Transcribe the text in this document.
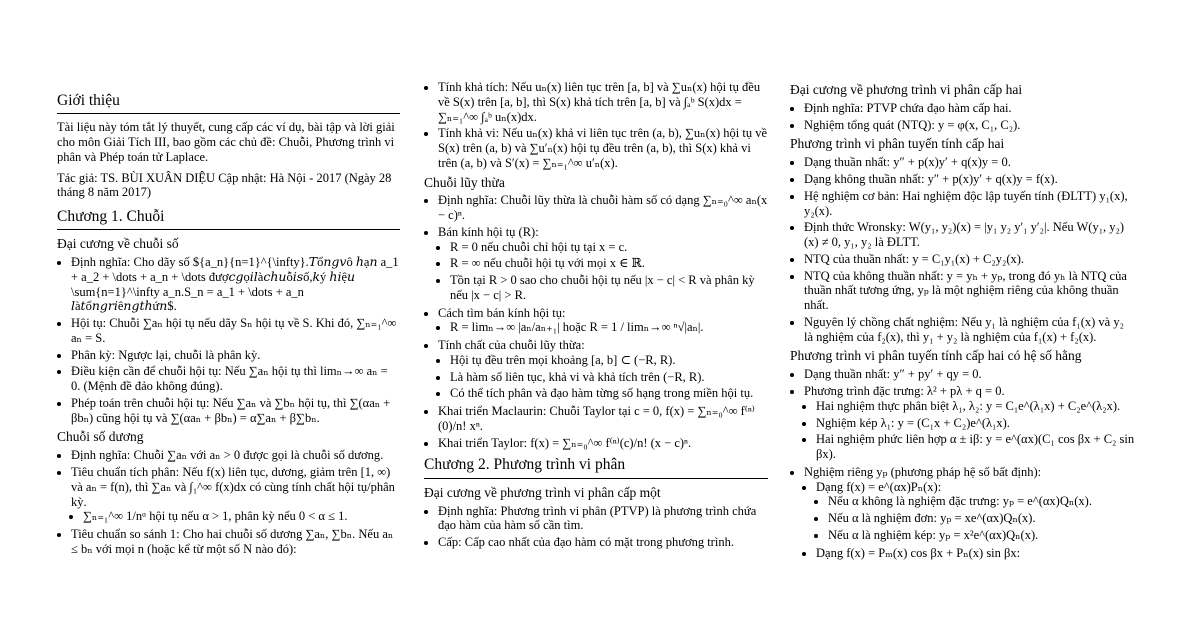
Giới thiệu

Tài liệu này tóm tắt lý thuyết, cung cấp các ví dụ, bài tập và lời giải cho môn Giải Tích III, bao gồm các chủ đề: Chuỗi, Phương trình vi phân và Phép toán tử Laplace.

Tác giả: TS. BÙI XUÂN DIỆU Cập nhật: Hà Nội - 2017 (Ngày 28 tháng 8 năm 2017)

Chương 1. Chuỗi
Đại cương về chuỗi số
• Định nghĩa: Cho dãy số ${a_n}{n=1}^{\infty}.𝑇ổ𝑛𝑔𝑣ô ℎạ𝑛 a_1 + a_2 + \dots + a_n + \dots đượ𝑐𝑔ọ𝑖𝑙à𝑐ℎ𝑢ỗ𝑖𝑠ố,𝑘ý ℎ𝑖ệ𝑢 \sum{n=1}^\infty a_n.S_n = a_1 + \dots + a_n 𝑙à𝑡ổ𝑛𝑔𝑟𝑖ê𝑛𝑔𝑡ℎứ𝑛$.
• Hội tụ: Chuỗi ∑aₙ hội tụ nếu dãy Sₙ hội tụ về S. Khi đó, ∑ₙ₌₁^∞ aₙ = S.
• Phân kỳ: Ngược lại, chuỗi là phân kỳ.
• Điều kiện cần để chuỗi hội tụ: Nếu ∑aₙ hội tụ thì limₙ→∞ aₙ = 0. (Mệnh đề đảo không đúng).
• Phép toán trên chuỗi hội tụ: Nếu ∑aₙ và ∑bₙ hội tụ, thì ∑(αaₙ + βbₙ) cũng hội tụ và ∑(αaₙ + βbₙ) = α∑aₙ + β∑bₙ.
Chuỗi số dương
• Định nghĩa: Chuỗi ∑aₙ với aₙ > 0 được gọi là chuỗi số dương.
• Tiêu chuẩn tích phân: Nếu f(x) liên tục, dương, giảm trên [1, ∞) và aₙ = f(n), thì ∑aₙ và ∫₁^∞ f(x)dx có cùng tính chất hội tụ/phân kỳ.
• ∑ₙ₌₁^∞ 1/nᵅ hội tụ nếu α > 1, phân kỳ nếu 0 < α ≤ 1.
• Tiêu chuẩn so sánh 1: Cho hai chuỗi số dương ∑aₙ, ∑bₙ. Nếu aₙ ≤ bₙ với mọi n (hoặc kể từ một số N nào đó):
• Tính khả tích: Nếu uₙ(x) liên tục trên [a, b] và ∑uₙ(x) hội tụ đều về S(x) trên [a, b], thì S(x) khả tích trên [a, b] và ∫ₐᵇ S(x)dx = ∑ₙ₌₁^∞ ∫ₐᵇ uₙ(x)dx.
• Tính khả vi: Nếu uₙ(x) khả vi liên tục trên (a, b), ∑uₙ(x) hội tụ về S(x) trên (a, b) và ∑u′ₙ(x) hội tụ đều trên (a, b), thì S(x) khả vi trên (a, b) và S′(x) = ∑ₙ₌₁^∞ u′ₙ(x).
Chuỗi lũy thừa
• Định nghĩa: Chuỗi lũy thừa là chuỗi hàm số có dạng ∑ₙ₌₀^∞ aₙ(x − c)ⁿ.
• Bán kính hội tụ (R):
• R = 0 nếu chuỗi chỉ hội tụ tại x = c.
• R = ∞ nếu chuỗi hội tụ với mọi x ∈ ℝ.
• Tồn tại R > 0 sao cho chuỗi hội tụ nếu |x − c| < R và phân kỳ nếu |x − c| > R.
• Cách tìm bán kính hội tụ:
• R = limₙ→∞ |aₙ/aₙ₊₁| hoặc R = 1 / limₙ→∞ ⁿ√|aₙ|.
• Tính chất của chuỗi lũy thừa:
• Hội tụ đều trên mọi khoảng [a, b] ⊂ (−R, R).
• Là hàm số liên tục, khả vi và khả tích trên (−R, R).
• Có thể tích phân và đạo hàm từng số hạng trong miền hội tụ.
• Khai triển Maclaurin: Chuỗi Taylor tại c = 0, f(x) = ∑ₙ₌₀^∞ f⁽ⁿ⁾(0)/n! xⁿ.
• Khai triển Taylor: f(x) = ∑ₙ₌₀^∞ f⁽ⁿ⁾(c)/n! (x − c)ⁿ.
Chương 2. Phương trình vi phân
Đại cương về phương trình vi phân cấp một
• Định nghĩa: Phương trình vi phân (PTVP) là phương trình chứa đạo hàm của hàm số cần tìm.
• Cấp: Cấp cao nhất của đạo hàm có mặt trong phương trình.
Đại cương về phương trình vi phân cấp hai
• Định nghĩa: PTVP chứa đạo hàm cấp hai.
• Nghiệm tổng quát (NTQ): y = φ(x, C₁, C₂).
Phương trình vi phân tuyến tính cấp hai
• Dạng thuần nhất: y″ + p(x)y′ + q(x)y = 0.
• Dạng không thuần nhất: y″ + p(x)y′ + q(x)y = f(x).
• Hệ nghiệm cơ bản: Hai nghiệm độc lập tuyến tính (ĐLTT) y₁(x), y₂(x).
• Định thức Wronsky: W(y₁, y₂)(x) = |y₁ y₂ y′₁ y′₂|. Nếu W(y₁, y₂)(x) ≠ 0, y₁, y₂ là ĐLTT.
• NTQ của thuần nhất: y = C₁y₁(x) + C₂y₂(x).
• NTQ của không thuần nhất: y = yₕ + yₚ, trong đó yₕ là NTQ của thuần nhất tương ứng, yₚ là một nghiệm riêng của không thuần nhất.
• Nguyên lý chồng chất nghiệm: Nếu y₁ là nghiệm của f₁(x) và y₂ là nghiệm của f₂(x), thì y₁ + y₂ là nghiệm của f₁(x) + f₂(x).
Phương trình vi phân tuyến tính cấp hai có hệ số hằng
• Dạng thuần nhất: y″ + py′ + qy = 0.
• Phương trình đặc trưng: λ² + pλ + q = 0.
• Hai nghiệm thực phân biệt λ₁, λ₂: y = C₁e^(λ₁x) + C₂e^(λ₂x).
• Nghiệm kép λ₁: y = (C₁x + C₂)e^(λ₁x).
• Hai nghiệm phức liên hợp α ± iβ: y = e^(αx)(C₁ cos βx + C₂ sin βx).
• Nghiệm riêng yₚ (phương pháp hệ số bất định):
• Dạng f(x) = e^(αx)Pₙ(x):
• Nếu α không là nghiệm đặc trưng: yₚ = e^(αx)Qₙ(x).
• Nếu α là nghiệm đơn: yₚ = xe^(αx)Qₙ(x).
• Nếu α là nghiệm kép: yₚ = x²e^(αx)Qₙ(x).
• Dạng f(x) = Pₘ(x) cos βx + Pₙ(x) sin βx:
